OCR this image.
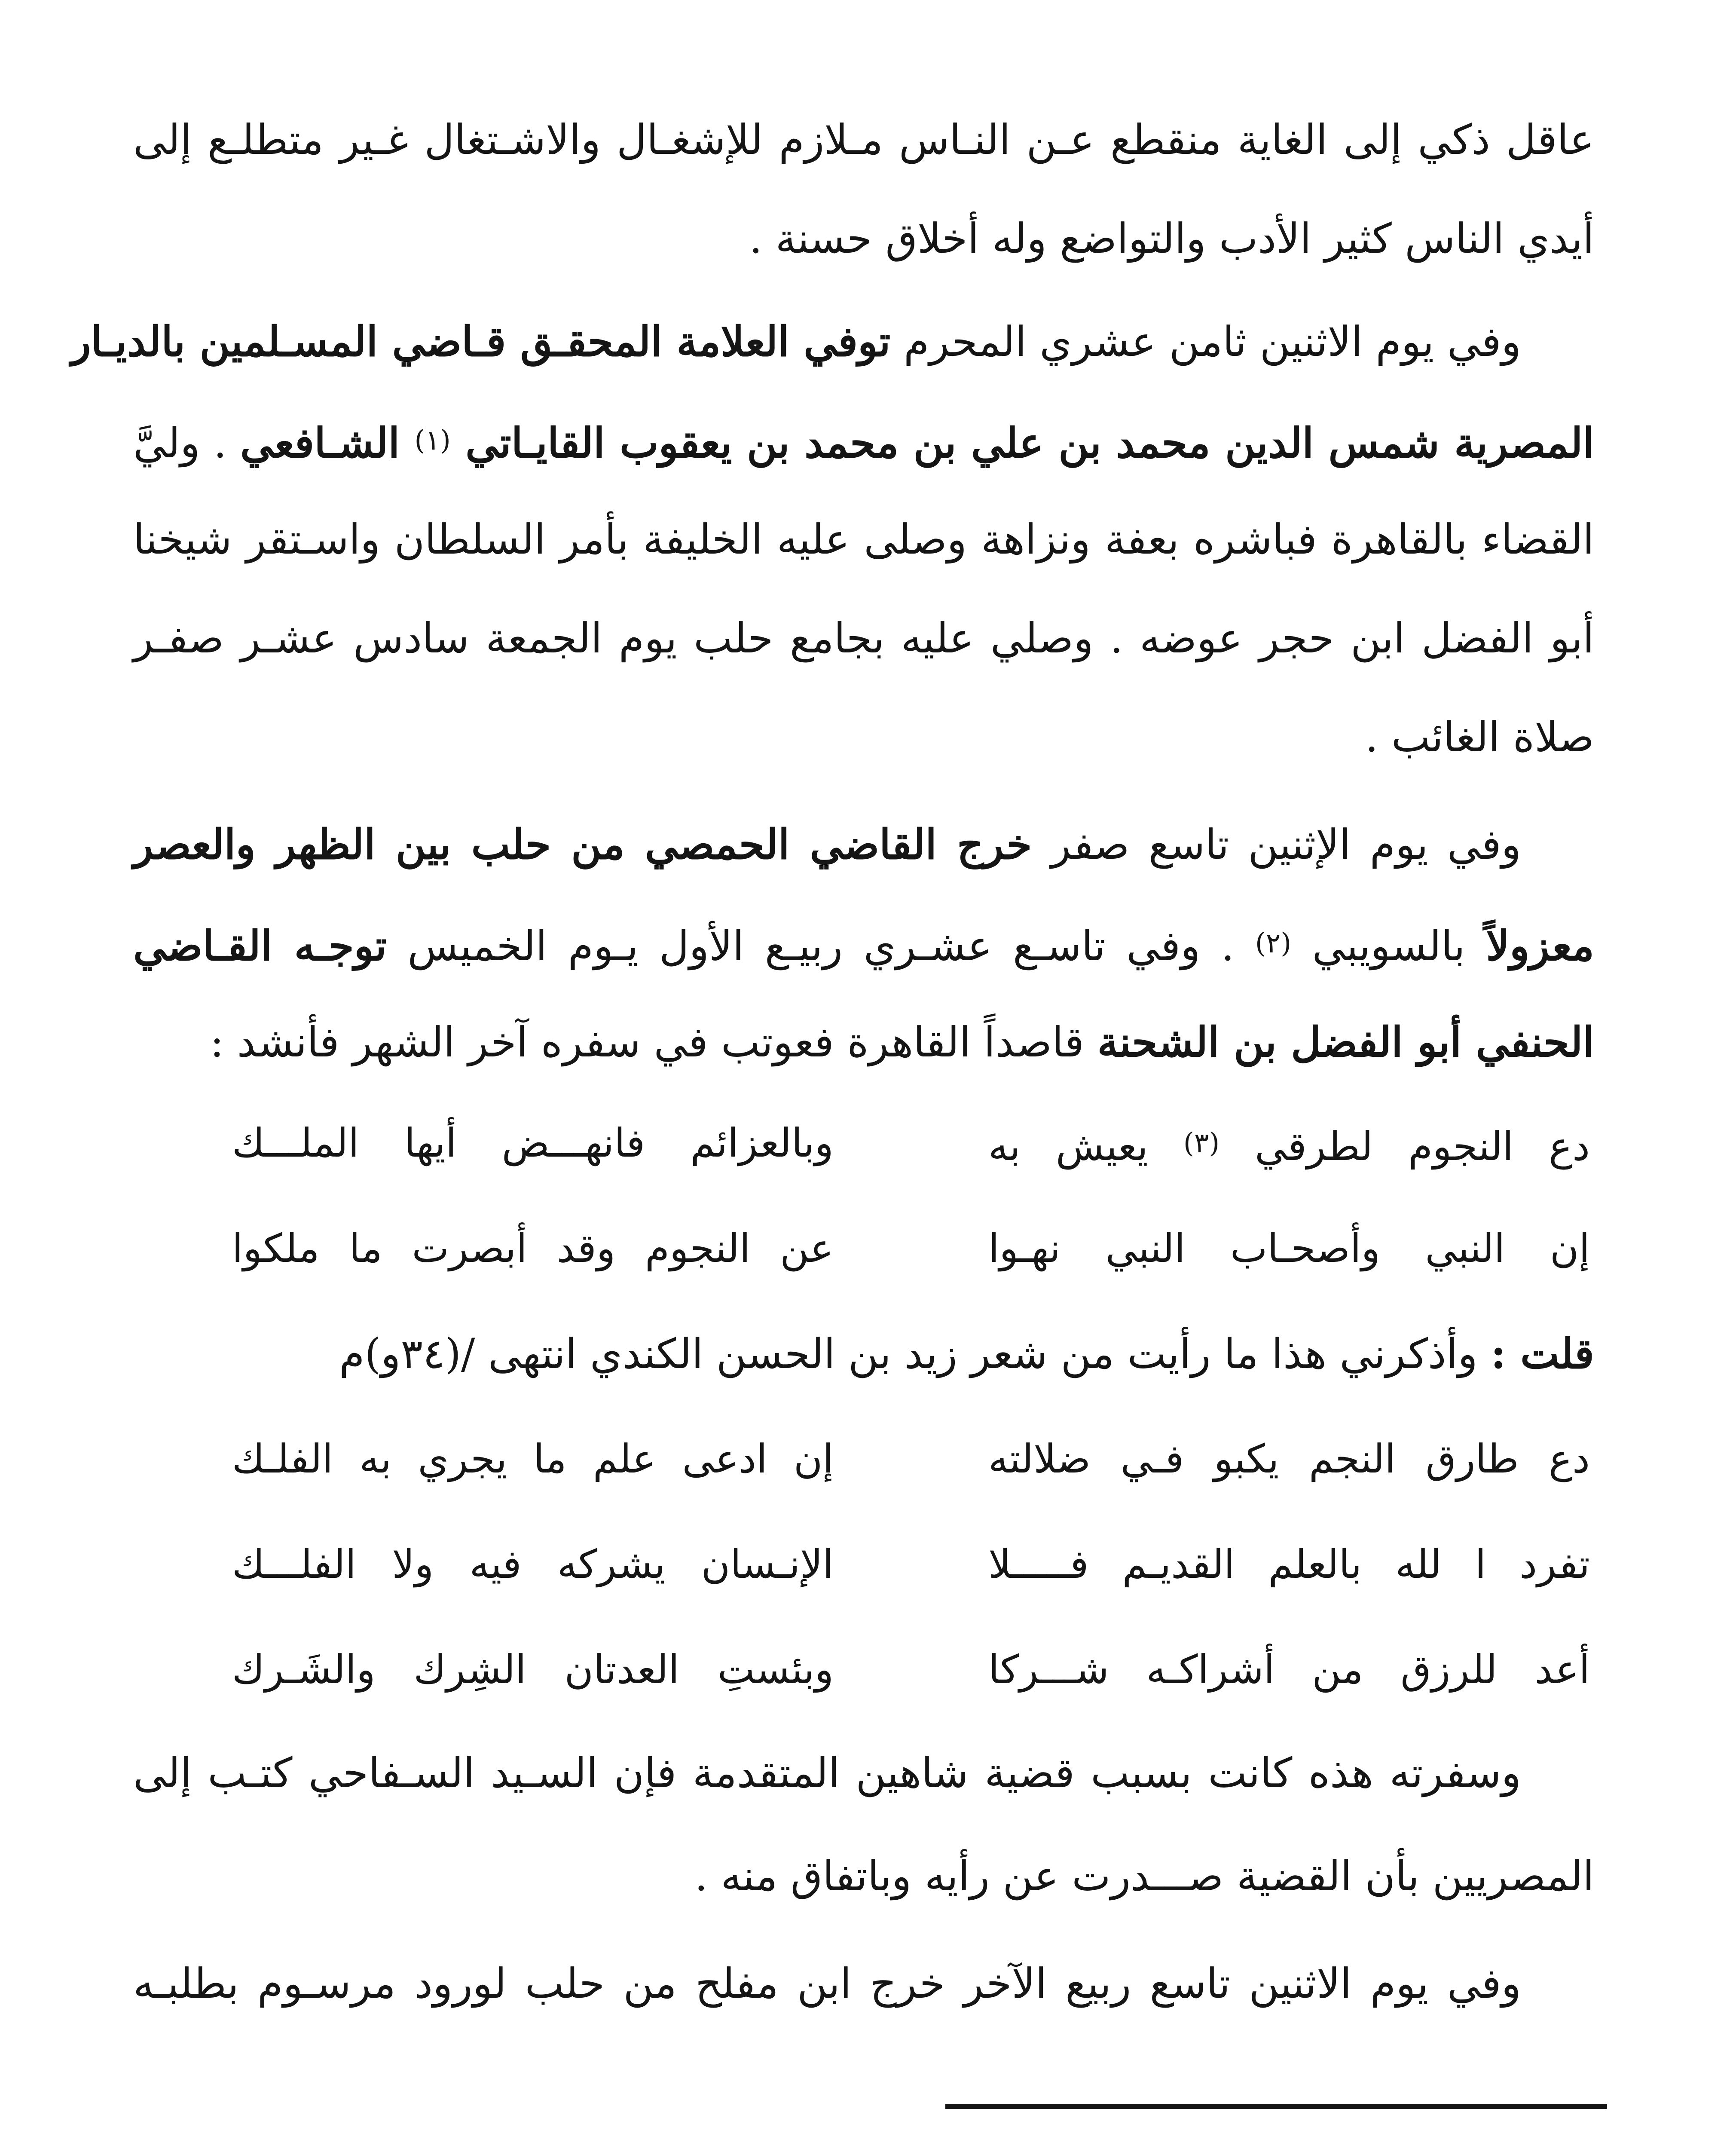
عاقل ذكي إلى الغاية منقطع عـن النـاس مـلازم للإشغـال والاشـتغال غـير متطلـع إلى
أيدي الناس كثير الأدب والتواضع وله أخلاق حسنة .
وفي يوم الاثنين ثامن عشري المحرم توفي العلامة المحقـق قـاضي المسـلمين بالديـار
المصرية شمس الدين محمد بن علي بن محمد بن يعقوب القايـاتي $^{(١)}$ الشـافعي . وليَّ
القضاء بالقاهرة فباشره بعفة ونزاهة وصلى عليه الخليفة بأمر السلطان واسـتقر شيخنا
أبو الفضل ابن حجر عوضه . وصلي عليه بجامع حلب يوم الجمعة سادس عشـر صفـر
صلاة الغائب .
وفي يوم الإثنين تاسع صفر خرج القاضي الحمصي من حلب بين الظهر والعصر
معزولاً بالسويبي $^{(٢)}$ . وفي تاسـع عشـري ربيـع الأول يـوم الخميس توجـه القـاضي
الحنفي أبو الفضل بن الشحنة قاصداً القاهرة فعوتب في سفره آخر الشهر فأنشد :
دع النجوم لطرقي $^{(٣)}$ يعيش به
وبالعزائم فانهـــض أيها الملـــك
إن النبي وأصحـاب النبي نهـوا
عن النجوم وقد أبصرت ما ملكوا
قلت : وأذكرني هذا ما رأيت من شعر زيد بن الحسن الكندي انتهى /(٣٤و)م
دع طارق النجم يكبو فـي ضلالته
إن ادعى علم ما يجري به الفلـك
تفرد ا لله بالعلم القديـم فـــــلا
الإنـسان يشركه فيه ولا الفلـــك
أعد للرزق من أشراكـه شـــركا
وبئستِ العدتان الشِرك والشَـرك
وسفرته هذه كانت بسبب قضية شاهين المتقدمة فإن السـيد السـفاحي كتـب إلى
المصريين بأن القضية صـــدرت عن رأيه وباتفاق منه .
وفي يوم الاثنين تاسع ربيع الآخر خرج ابن مفلح من حلب لورود مرسـوم بطلبـه
